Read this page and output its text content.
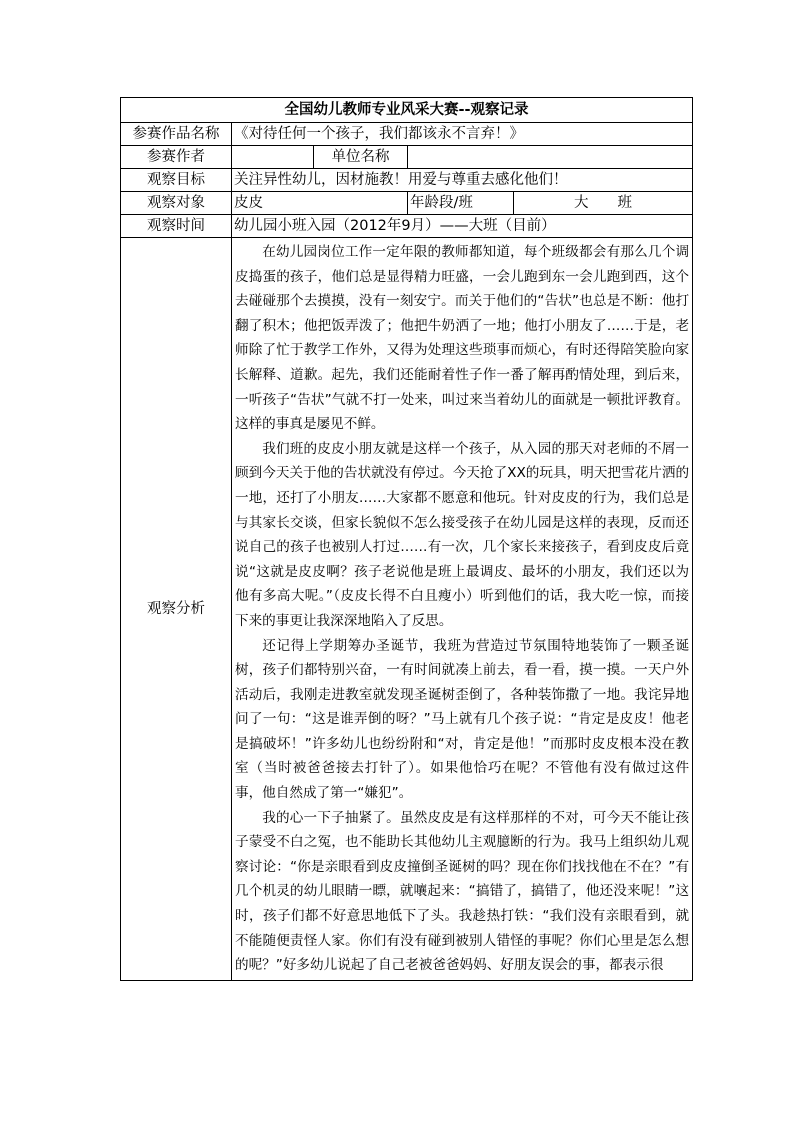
全国幼儿教师专业风采大赛--观察记录				
参赛作品名称	《对待任何一个孩子，我们都该永不言弃！》			
参赛作者		单位名称		
观察目标	关注异性幼儿，因材施教！用爱与尊重去感化他们！			
观察对象	皮皮		年龄段/班	大　　班
观察时间	幼儿园小班入园（2012年9月）——大班（目前）			
观察分析	在幼儿园岗位工作一定年限的教师都知道，每个班级都会有那么几个调皮捣蛋的孩子，他们总是显得精力旺盛，一会儿跑到东一会儿跑到西，这个去碰碰那个去摸摸，没有一刻安宁。而关于他们的“告状”也总是不断：他打翻了积木；他把饭弄泼了；他把牛奶洒了一地；他打小朋友了……于是，老师除了忙于教学工作外，又得为处理这些琐事而烦心，有时还得陪笑脸向家长解释、道歉。起先，我们还能耐着性子作一番了解再酌情处理，到后来，一听孩子“告状”气就不打一处来，叫过来当着幼儿的面就是一顿批评教育。这样的事真是屡见不鲜。

我们班的皮皮小朋友就是这样一个孩子，从入园的那天对老师的不屑一顾到今天关于他的告状就没有停过。今天抢了XX的玩具，明天把雪花片洒的一地，还打了小朋友……大家都不愿意和他玩。针对皮皮的行为，我们总是与其家长交谈，但家长貌似不怎么接受孩子在幼儿园是这样的表现，反而还说自己的孩子也被别人打过……有一次，几个家长来接孩子，看到皮皮后竟说“这就是皮皮啊？孩子老说他是班上最调皮、最坏的小朋友，我们还以为他有多高大呢。”（皮皮长得不白且瘦小）听到他们的话，我大吃一惊，而接下来的事更让我深深地陷入了反思。

还记得上学期筹办圣诞节，我班为营造过节氛围特地装饰了一颗圣诞树，孩子们都特别兴奋，一有时间就凑上前去，看一看，摸一摸。一天户外活动后，我刚走进教室就发现圣诞树歪倒了，各种装饰撒了一地。我诧异地问了一句：“这是谁弄倒的呀？”马上就有几个孩子说：“肯定是皮皮！他老是搞破坏！”许多幼儿也纷纷附和“对，肯定是他！”而那时皮皮根本没在教室（当时被爸爸接去打针了）。如果他恰巧在呢？不管他有没有做过这件事，他自然成了第一“嫌犯”。

我的心一下子抽紧了。虽然皮皮是有这样那样的不对，可今天不能让孩子蒙受不白之冤，也不能助长其他幼儿主观臆断的行为。我马上组织幼儿观察讨论：“你是亲眼看到皮皮撞倒圣诞树的吗？现在你们找找他在不在？”有几个机灵的幼儿眼睛一瞟，就嚷起来：“搞错了，搞错了，他还没来呢！”这时，孩子们都不好意思地低下了头。我趁热打铁：“我们没有亲眼看到，就不能随便责怪人家。你们有没有碰到被别人错怪的事呢？你们心里是怎么想的呢？”好多幼儿说起了自己老被爸爸妈妈、好朋友误会的事，都表示很			
